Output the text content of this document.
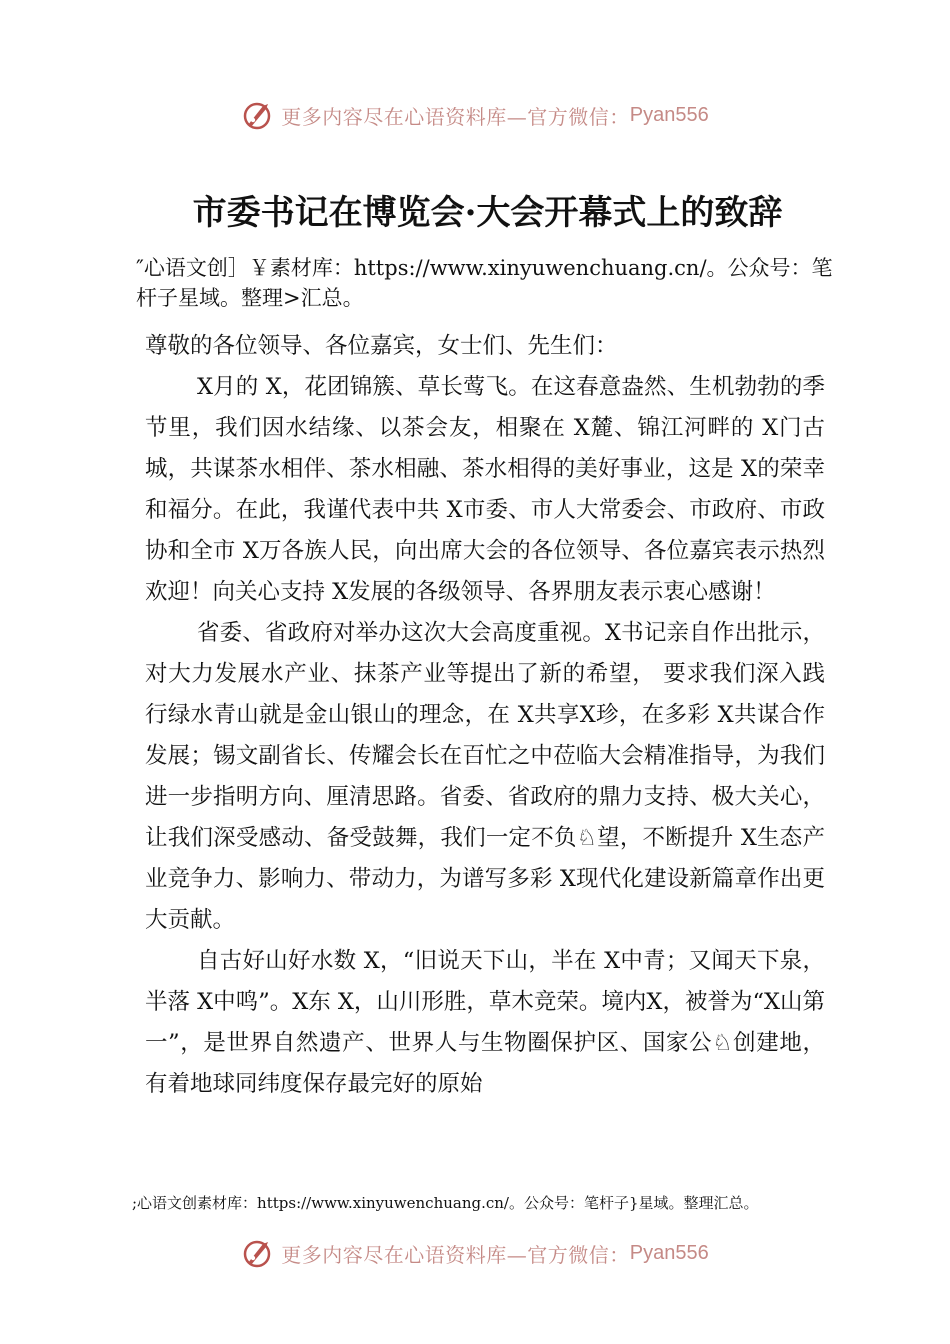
更多内容尽在心语资料库—官方微信： Pyan556
市委书记在博览会·大会开幕式上的致辞
″心语文创］￥素材库：https://www.xinyuwenchuang.cn/。公众号：笔杆子星域。整理>汇总。

尊敬的各位领导、各位嘉宾，女士们、先生们：

X月的 X，花团锦簇、草长莺飞。在这春意盎然、生机勃勃的季节里，我们因水结缘、以茶会友，相聚在 X麓、锦江河畔的 X门古城，共谋茶水相伴、茶水相融、茶水相得的美好事业，这是 X的荣幸和福分。在此，我谨代表中共 X市委、市人大常委会、市政府、市政协和全市 X万各族人民，向出席大会的各位领导、各位嘉宾表示热烈欢迎！向关心支持 X发展的各级领导、各界朋友表示衷心感谢！

省委、省政府对举办这次大会高度重视。X书记亲自作出批示，对大力发展水产业、抹茶产业等提出了新的希望， 要求我们深入践行绿水青山就是金山银山的理念，在 X共享X珍，在多彩 X共谋合作发展；锡文副省长、传耀会长在百忙之中莅临大会精准指导，为我们进一步指明方向、厘清思路。省委、省政府的鼎力支持、极大关心，让我们深受感动、备受鼓舞，我们一定不负♘望，不断提升 X生态产业竞争力、影响力、带动力，为谱写多彩 X现代化建设新篇章作出更大贡献。

自古好山好水数 X，“旧说天下山，半在 X中青；又闻天下泉，半落 X中鸣”。X东 X，山川形胜，草木竞荣。境内X，被誉为“X山第一”，是世界自然遗产、世界人与生物圈保护区、国家公♘创建地，有着地球同纬度保存最完好的原始

;心语文创素材库：https://www.xinyuwenchuang.cn/。公众号：笔杆子}星域。整理汇总。
更多内容尽在心语资料库—官方微信： Pyan556
